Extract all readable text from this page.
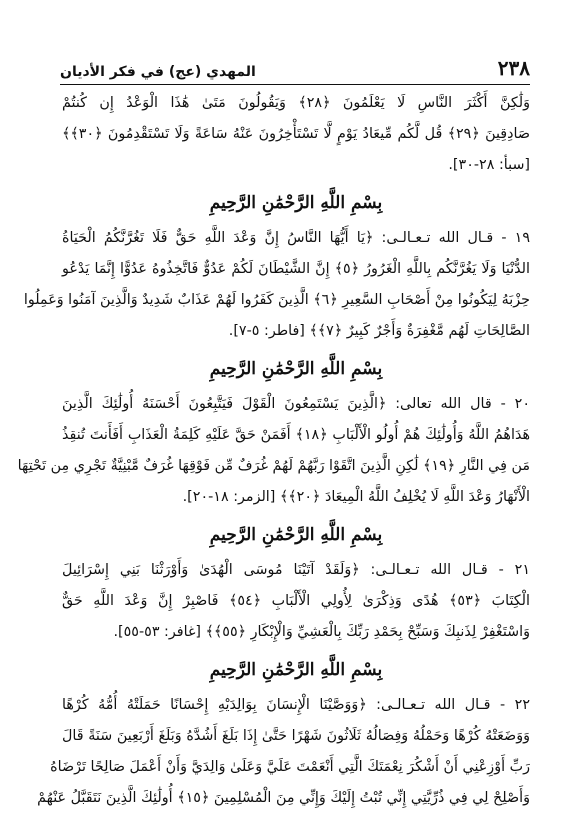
٢٣٨
المهدي (عج) في فكر الأديان
وَلَٰكِنَّ أَكْثَرَ النَّاسِ لَا يَعْلَمُونَ ﴿٢٨﴾ وَيَقُولُونَ مَتَىٰ هَٰذَا الْوَعْدُ إِن كُنتُمْ
صَادِقِينَ ﴿٢٩﴾ قُل لَّكُم مِّيعَادُ يَوْمٍ لَّا تَسْتَأْخِرُونَ عَنْهُ سَاعَةً وَلَا تَسْتَقْدِمُونَ ﴿٣٠﴾﴾
[سبأ: ٢٨-٣٠].
بِسْمِ اللَّهِ الرَّحْمَٰنِ الرَّحِيمِ
١٩ - قـال الله تـعـالـى: ﴿يَا أَيُّهَا النَّاسُ إِنَّ وَعْدَ اللَّهِ حَقٌّ فَلَا تَغُرَّنَّكُمُ الْحَيَاةُ
الدُّنْيَا وَلَا يَغُرَّنَّكُم بِاللَّهِ الْغَرُورُ ﴿٥﴾ إِنَّ الشَّيْطَانَ لَكُمْ عَدُوٌّ فَاتَّخِذُوهُ عَدُوًّا إِنَّمَا يَدْعُو
حِزْبَهُ لِيَكُونُوا مِنْ أَصْحَابِ السَّعِيرِ ﴿٦﴾ الَّذِينَ كَفَرُوا لَهُمْ عَذَابٌ شَدِيدٌ وَالَّذِينَ آمَنُوا وَعَمِلُوا
الصَّالِحَاتِ لَهُم مَّغْفِرَةٌ وَأَجْرٌ كَبِيرٌ ﴿٧﴾﴾ [فاطر: ٥-٧].
بِسْمِ اللَّهِ الرَّحْمَٰنِ الرَّحِيمِ
٢٠ - قال الله تعالى: ﴿الَّذِينَ يَسْتَمِعُونَ الْقَوْلَ فَيَتَّبِعُونَ أَحْسَنَهُ أُولَٰئِكَ الَّذِينَ
هَدَاهُمُ اللَّهُ وَأُولَٰئِكَ هُمْ أُولُو الْأَلْبَابِ ﴿١٨﴾ أَفَمَنْ حَقَّ عَلَيْهِ كَلِمَةُ الْعَذَابِ أَفَأَنتَ تُنقِذُ
مَن فِي النَّارِ ﴿١٩﴾ لَٰكِنِ الَّذِينَ اتَّقَوْا رَبَّهُمْ لَهُمْ غُرَفٌ مِّن فَوْقِهَا غُرَفٌ مَّبْنِيَّةٌ تَجْرِي مِن تَحْتِهَا
الْأَنْهَارُ وَعْدَ اللَّهِ لَا يُخْلِفُ اللَّهُ الْمِيعَادَ ﴿٢٠﴾﴾ [الزمر: ١٨-٢٠].
بِسْمِ اللَّهِ الرَّحْمَٰنِ الرَّحِيمِ
٢١ - قـال الله تـعـالـى: ﴿وَلَقَدْ آتَيْنَا مُوسَى الْهُدَىٰ وَأَوْرَثْنَا بَنِي إِسْرَائِيلَ
الْكِتَابَ ﴿٥٣﴾ هُدًى وَذِكْرَىٰ لِأُولِي الْأَلْبَابِ ﴿٥٤﴾ فَاصْبِرْ إِنَّ وَعْدَ اللَّهِ حَقٌّ
وَاسْتَغْفِرْ لِذَنبِكَ وَسَبِّحْ بِحَمْدِ رَبِّكَ بِالْعَشِيِّ وَالْإِبْكَارِ ﴿٥٥﴾﴾ [غافر: ٥٣-٥٥].
بِسْمِ اللَّهِ الرَّحْمَٰنِ الرَّحِيمِ
٢٢ - قـال الله تـعـالـى: ﴿وَوَصَّيْنَا الْإِنسَانَ بِوَالِدَيْهِ إِحْسَانًا حَمَلَتْهُ أُمُّهُ كُرْهًا
وَوَضَعَتْهُ كُرْهًا وَحَمْلُهُ وَفِصَالُهُ ثَلَاثُونَ شَهْرًا حَتَّىٰ إِذَا بَلَغَ أَشُدَّهُ وَبَلَغَ أَرْبَعِينَ سَنَةً قَالَ
رَبِّ أَوْزِعْنِي أَنْ أَشْكُرَ نِعْمَتَكَ الَّتِي أَنْعَمْتَ عَلَيَّ وَعَلَىٰ وَالِدَيَّ وَأَنْ أَعْمَلَ صَالِحًا تَرْضَاهُ
وَأَصْلِحْ لِي فِي ذُرِّيَّتِي إِنِّي تُبْتُ إِلَيْكَ وَإِنِّي مِنَ الْمُسْلِمِينَ ﴿١٥﴾ أُولَٰئِكَ الَّذِينَ نَتَقَبَّلُ عَنْهُمْ
